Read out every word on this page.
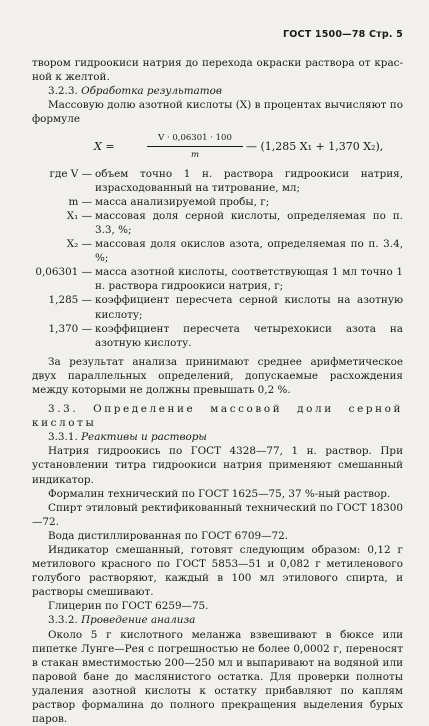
ГОСТ 1500—78 Стр. 5

твором гидроокиси натрия до перехода окраски раствора от крас-ной к желтой.

3.2.3. Обработка результатов

Массовую долю азотной кислоты (X) в процентах вычисляют по формуле

X =	$\frac{V \cdot 0,06301 \cdot 100}{m}$ — (1,285 X₁ + 1,370 X₂),
где V — объем точно 1 н. раствора гидроокиси натрия, израсходованный на титрование, мл;
m — масса анализируемой пробы, г;
X₁ — массовая доля серной кислоты, определяемая по п. 3.3, %;
X₂ — массовая доля окислов азота, определяемая по п. 3.4, %;
0,06301 — масса азотной кислоты, соответствующая 1 мл точно 1 н. раствора гидроокиси натрия, г;
1,285 — коэффициент пересчета серной кислоты на азотную кислоту;
1,370 — коэффициент пересчета четырехокиси азота на азотную кислоту.

За результат анализа принимают среднее арифметическое двух параллельных определений, допускаемые расхождения между которыми не должны превышать 0,2 %.

3.3. Определение массовой доли серной кислоты

3.3.1. Реактивы и растворы

Натрия гидроокись по ГОСТ 4328—77, 1 н. раствор. При установлении титра гидроокиси натрия применяют смешанный индикатор.

Формалин технический по ГОСТ 1625—75, 37 %-ный раствор.

Спирт этиловый ректификованный технический по ГОСТ 18300—72.

Вода дистиллированная по ГОСТ 6709—72.

Индикатор смешанный, готовят следующим образом: 0,12 г метилового красного по ГОСТ 5853—51 и 0,082 г метиленового голубого растворяют, каждый в 100 мл этилового спирта, и растворы смешивают.

Глицерин по ГОСТ 6259—75.

3.3.2. Проведение анализа

Около 5 г кислотного меланжа взвешивают в бюксе или пипетке Лунге—Рея с погрешностью не более 0,0002 г, переносят в стакан вместимостью 200—250 мл и выпаривают на водяной или паровой бане до маслянистого остатка. Для проверки полноты удаления азотной кислоты к остатку прибавляют по каплям раствор формалина до полного прекращения выделения бурых паров.
